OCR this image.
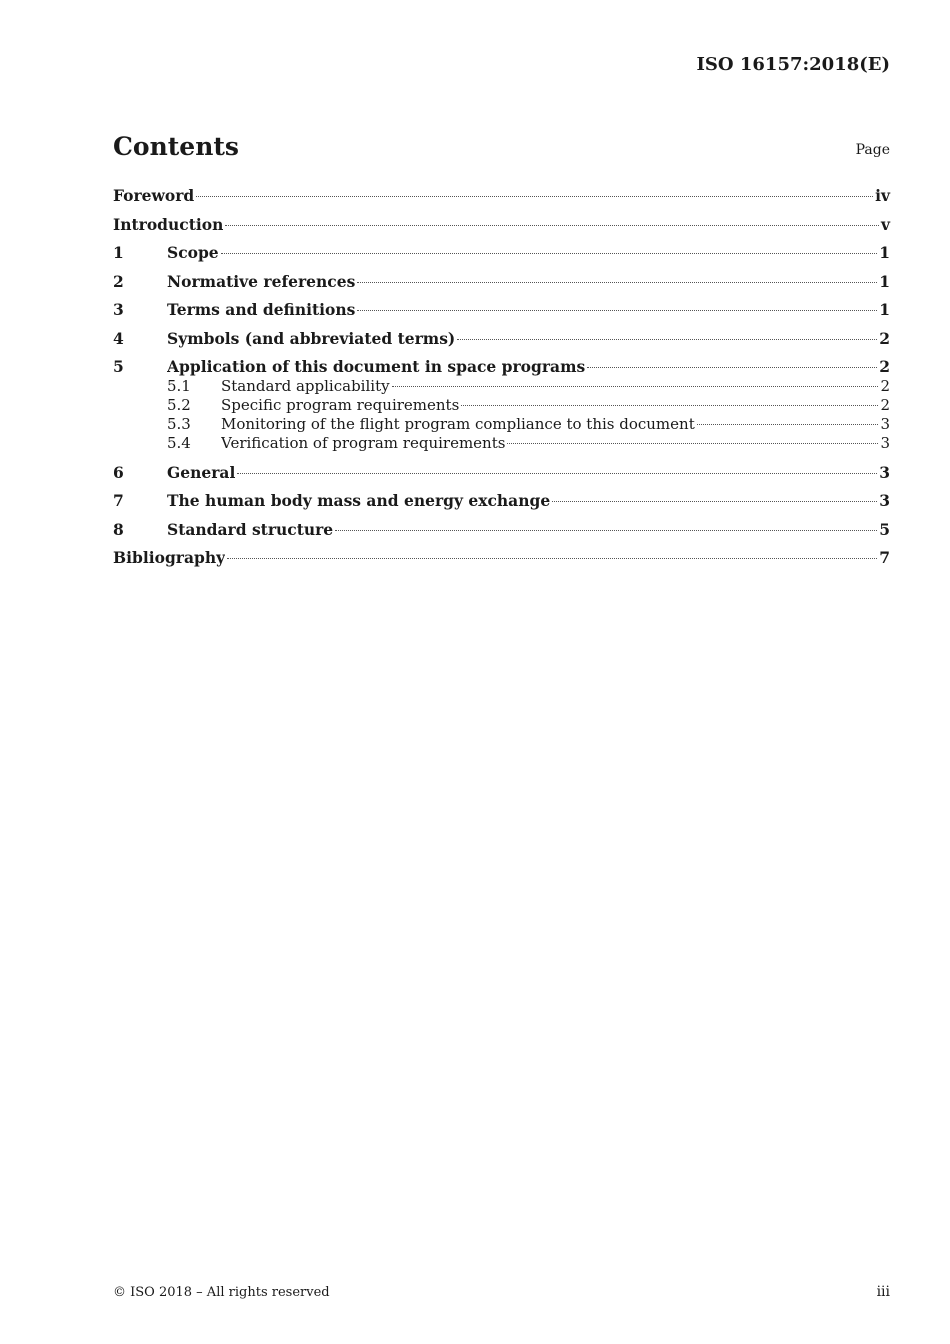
ISO 16157:2018(E)
Contents	Page
Foreword	iv
Introduction	v
1	Scope	1
2	Normative references	1
3	Terms and definitions	1
4	Symbols (and abbreviated terms)	2
5	Application of this document in space programs	2
5.1	Standard applicability	2
5.2	Specific program requirements	2
5.3	Monitoring of the flight program compliance to this document	3
5.4	Verification of program requirements	3
6	General	3
7	The human body mass and energy exchange	3
8	Standard structure	5
Bibliography	7
© ISO 2018 – All rights reserved	iii
